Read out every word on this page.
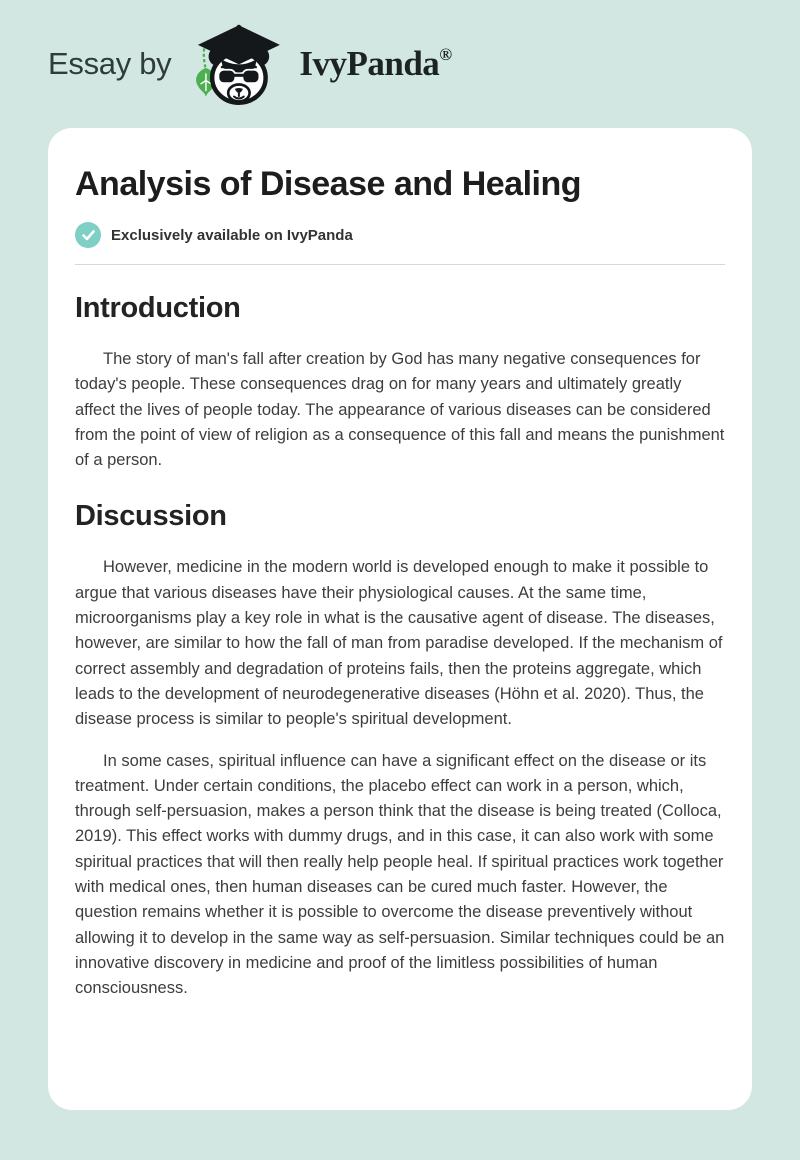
Essay by	IvyPanda®
Analysis of Disease and Healing
Exclusively available on IvyPanda
Introduction

The story of man's fall after creation by God has many negative consequences for today's people. These consequences drag on for many years and ultimately greatly affect the lives of people today. The appearance of various diseases can be considered from the point of view of religion as a consequence of this fall and means the punishment of a person.

Discussion

However, medicine in the modern world is developed enough to make it possible to argue that various diseases have their physiological causes. At the same time, microorganisms play a key role in what is the causative agent of disease. The diseases, however, are similar to how the fall of man from paradise developed. If the mechanism of correct assembly and degradation of proteins fails, then the proteins aggregate, which leads to the development of neurodegenerative diseases (Höhn et al. 2020). Thus, the disease process is similar to people's spiritual development.

In some cases, spiritual influence can have a significant effect on the disease or its treatment. Under certain conditions, the placebo effect can work in a person, which, through self-persuasion, makes a person think that the disease is being treated (Colloca, 2019). This effect works with dummy drugs, and in this case, it can also work with some spiritual practices that will then really help people heal. If spiritual practices work together with medical ones, then human diseases can be cured much faster. However, the question remains whether it is possible to overcome the disease preventively without allowing it to develop in the same way as self-persuasion. Similar techniques could be an innovative discovery in medicine and proof of the limitless possibilities of human consciousness.
